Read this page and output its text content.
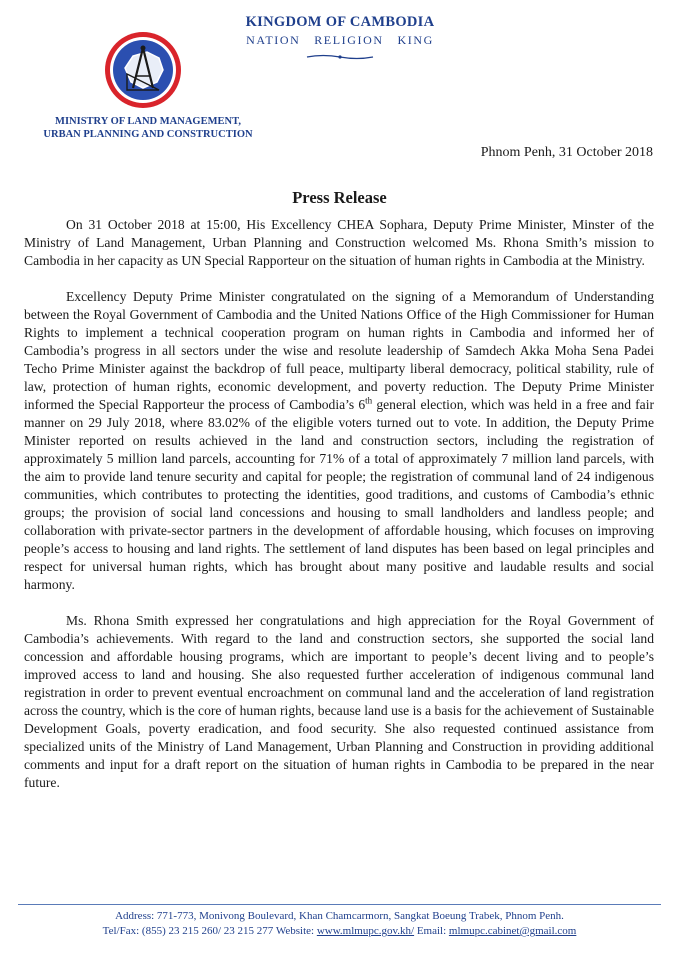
KINGDOM OF CAMBODIA
NATION   RELIGION   KING
MINISTRY OF LAND MANAGEMENT,
URBAN PLANNING AND CONSTRUCTION
Phnom Penh, 31 October 2018
Press Release

On 31 October 2018 at 15:00, His Excellency CHEA Sophara, Deputy Prime Minister, Minster of the Ministry of Land Management, Urban Planning and Construction welcomed Ms. Rhona Smith’s mission to Cambodia in her capacity as UN Special Rapporteur on the situation of human rights in Cambodia at the Ministry.

Excellency Deputy Prime Minister congratulated on the signing of a Memorandum of Understanding between the Royal Government of Cambodia and the United Nations Office of the High Commissioner for Human Rights to implement a technical cooperation program on human rights in Cambodia and informed her of Cambodia’s progress in all sectors under the wise and resolute leadership of Samdech Akka Moha Sena Padei Techo Prime Minister against the backdrop of full peace, multiparty liberal democracy, political stability, rule of law, protection of human rights, economic development, and poverty reduction. The Deputy Prime Minister informed the Special Rapporteur the process of Cambodia’s 6th general election, which was held in a free and fair manner on 29 July 2018, where 83.02% of the eligible voters turned out to vote. In addition, the Deputy Prime Minister reported on results achieved in the land and construction sectors, including the registration of approximately 5 million land parcels, accounting for 71% of a total of approximately 7 million land parcels, with the aim to provide land tenure security and capital for people; the registration of communal land of 24 indigenous communities, which contributes to protecting the identities, good traditions, and customs of Cambodia’s ethnic groups; the provision of social land concessions and housing to small landholders and landless people; and collaboration with private-sector partners in the development of affordable housing, which focuses on improving people’s access to housing and land rights. The settlement of land disputes has been based on legal principles and respect for universal human rights, which has brought about many positive and laudable results and social harmony.

Ms. Rhona Smith expressed her congratulations and high appreciation for the Royal Government of Cambodia’s achievements. With regard to the land and construction sectors, she supported the social land concession and affordable housing programs, which are important to people’s decent living and to people’s improved access to land and housing. She also requested further acceleration of indigenous communal land registration in order to prevent eventual encroachment on communal land and the acceleration of land registration across the country, which is the core of human rights, because land use is a basis for the achievement of Sustainable Development Goals, poverty eradication, and food security. She also requested continued assistance from specialized units of the Ministry of Land Management, Urban Planning and Construction in providing additional comments and input for a draft report on the situation of human rights in Cambodia to be prepared in the near future.

Address: 771-773, Monivong Boulevard, Khan Chamcarmorn, Sangkat Boeung Trabek, Phnom Penh.
Tel/Fax: (855) 23 215 260/ 23 215 277 Website: www.mlmupc.gov.kh/ Email: mlmupc.cabinet@gmail.com
